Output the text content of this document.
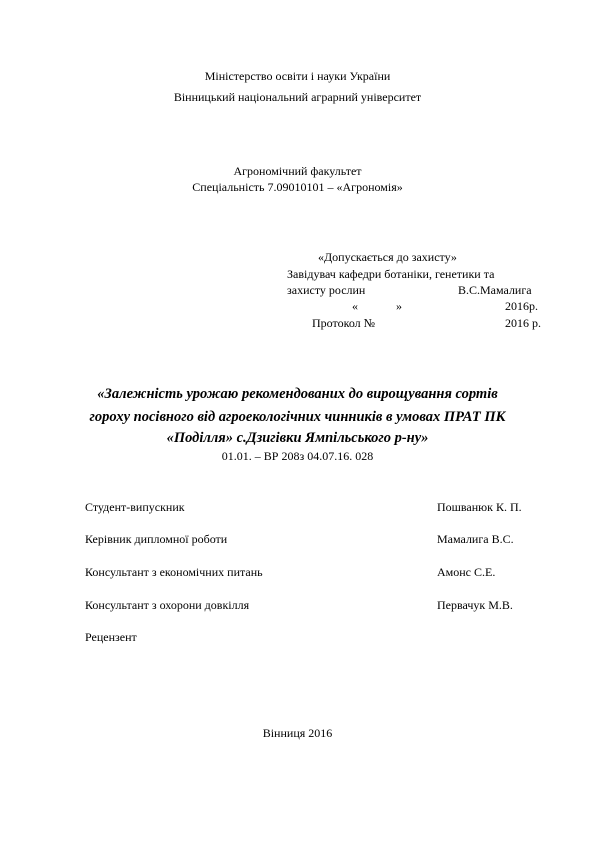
Міністерство освіти і науки України
Вінницький національний аграрний університет
Агрономічний факультет
Спеціальність 7.09010101 – «Агрономія»
«Допускається до захисту»
Завідувач кафедри ботаніки, генетики та
захисту рослин	В.С.Мамалига
«	»	2016р.
Протокол №	2016 р.
«Залежність урожаю рекомендованих до вирощування сортів
гороху посівного від агроекологічних чинників в умовах ПРАТ ПК
«Поділля» с.Дзигівки Ямпільського р-ну»
01.01. – ВР 208з 04.07.16. 028
Студент-випускник	Пошванюк К. П.
Керівник дипломної роботи	Мамалига В.С.
Консультант з економічних питань	Амонс С.Е.
Консультант з охорони довкілля	Первачук М.В.
Рецензент
Вінниця 2016
